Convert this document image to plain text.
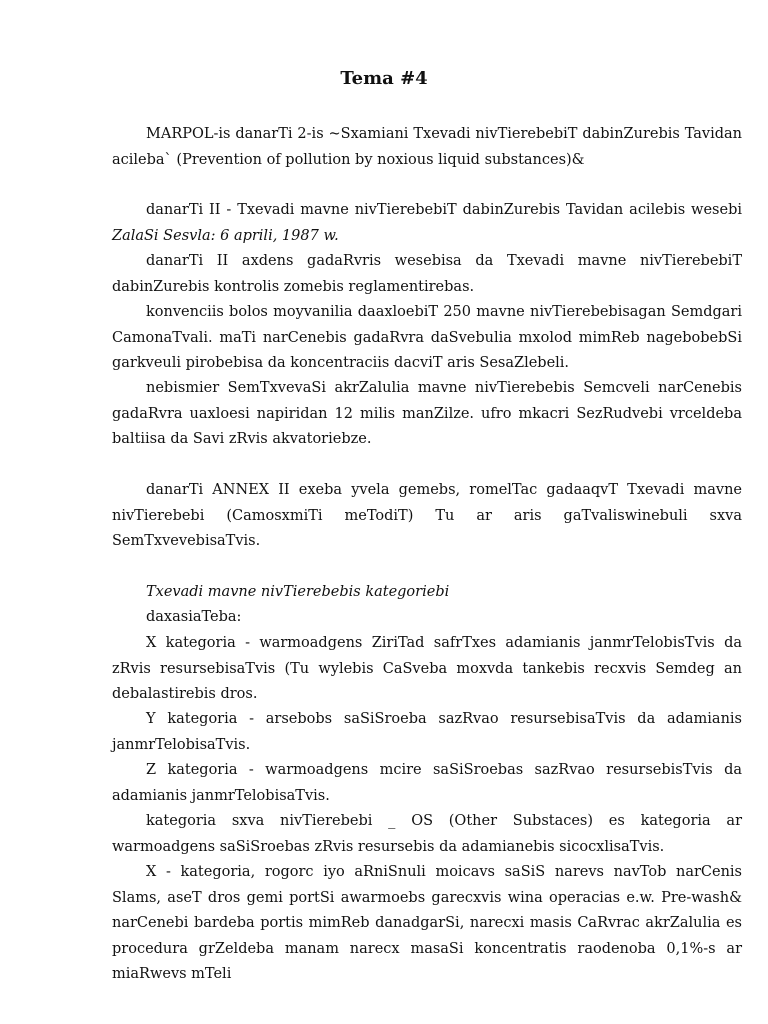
Tema #4

MARPOL-is danarTi 2-is ~Sxamiani Txevadi nivTierebebiT dabinZurebis Tavidan acileba` (Prevention of pollution by noxious liquid substances)&

danarTi II - Txevadi mavne nivTierebebiT dabinZurebis Tavidan acilebis wesebi ZalaSi Sesvla: 6 aprili, 1987 w.

danarTi II axdens gadaRvris wesebisa da Txevadi mavne nivTierebebiT dabinZurebis kontrolis zomebis reglamentirebas.

konvenciis bolos moyvanilia daaxloebiT 250 mavne nivTierebebisagan Semdgari CamonaTvali. maTi narCenebis gadaRvra daSvebulia mxolod mimReb nagebobebSi garkveuli pirobebisa da koncentraciis dacviT aris SesaZlebeli.

nebismier SemTxvevaSi akrZalulia mavne nivTierebebis Semcveli narCenebis gadaRvra uaxloesi napiridan 12 milis manZilze. ufro mkacri SezRudvebi vrceldeba baltiisa da Savi zRvis akvatoriebze.

danarTi ANNEX II exeba yvela gemebs, romelTac gadaaqvT Txevadi mavne nivTierebebi (CamosxmiTi meTodiT) Tu ar aris gaTvaliswinebuli sxva SemTxvevebisaTvis.

Txevadi mavne nivTierebebis kategoriebi

daxasiaTeba:

X kategoria - warmoadgens ZiriTad safrTxes adamianis janmrTelobisTvis da zRvis resursebisaTvis (Tu wylebis CaSveba moxvda tankebis recxvis Semdeg an debalastirebis dros.

Y kategoria - arsebobs saSiSroeba sazRvao resursebisaTvis da adamianis janmrTelobisaTvis.

Z kategoria - warmoadgens mcire saSiSroebas sazRvao resursebisTvis da adamianis janmrTelobisaTvis.

kategoria sxva nivTierebebi _ OS (Other Substaces) es kategoria ar warmoadgens saSiSroebas zRvis resursebis da adamianebis sicocxlisaTvis.

X - kategoria, rogorc iyo aRniSnuli moicavs saSiS narevs navTob narCenis Slams, aseT dros gemi portSi awarmoebs garecxvis wina operacias e.w. Pre-wash& narCenebi bardeba portis mimReb danadgarSi, narecxi masis CaRvrac akrZalulia es procedura grZeldeba manam narecx masaSi koncentratis raodenoba 0,1%-s ar miaRwevs mTeli
